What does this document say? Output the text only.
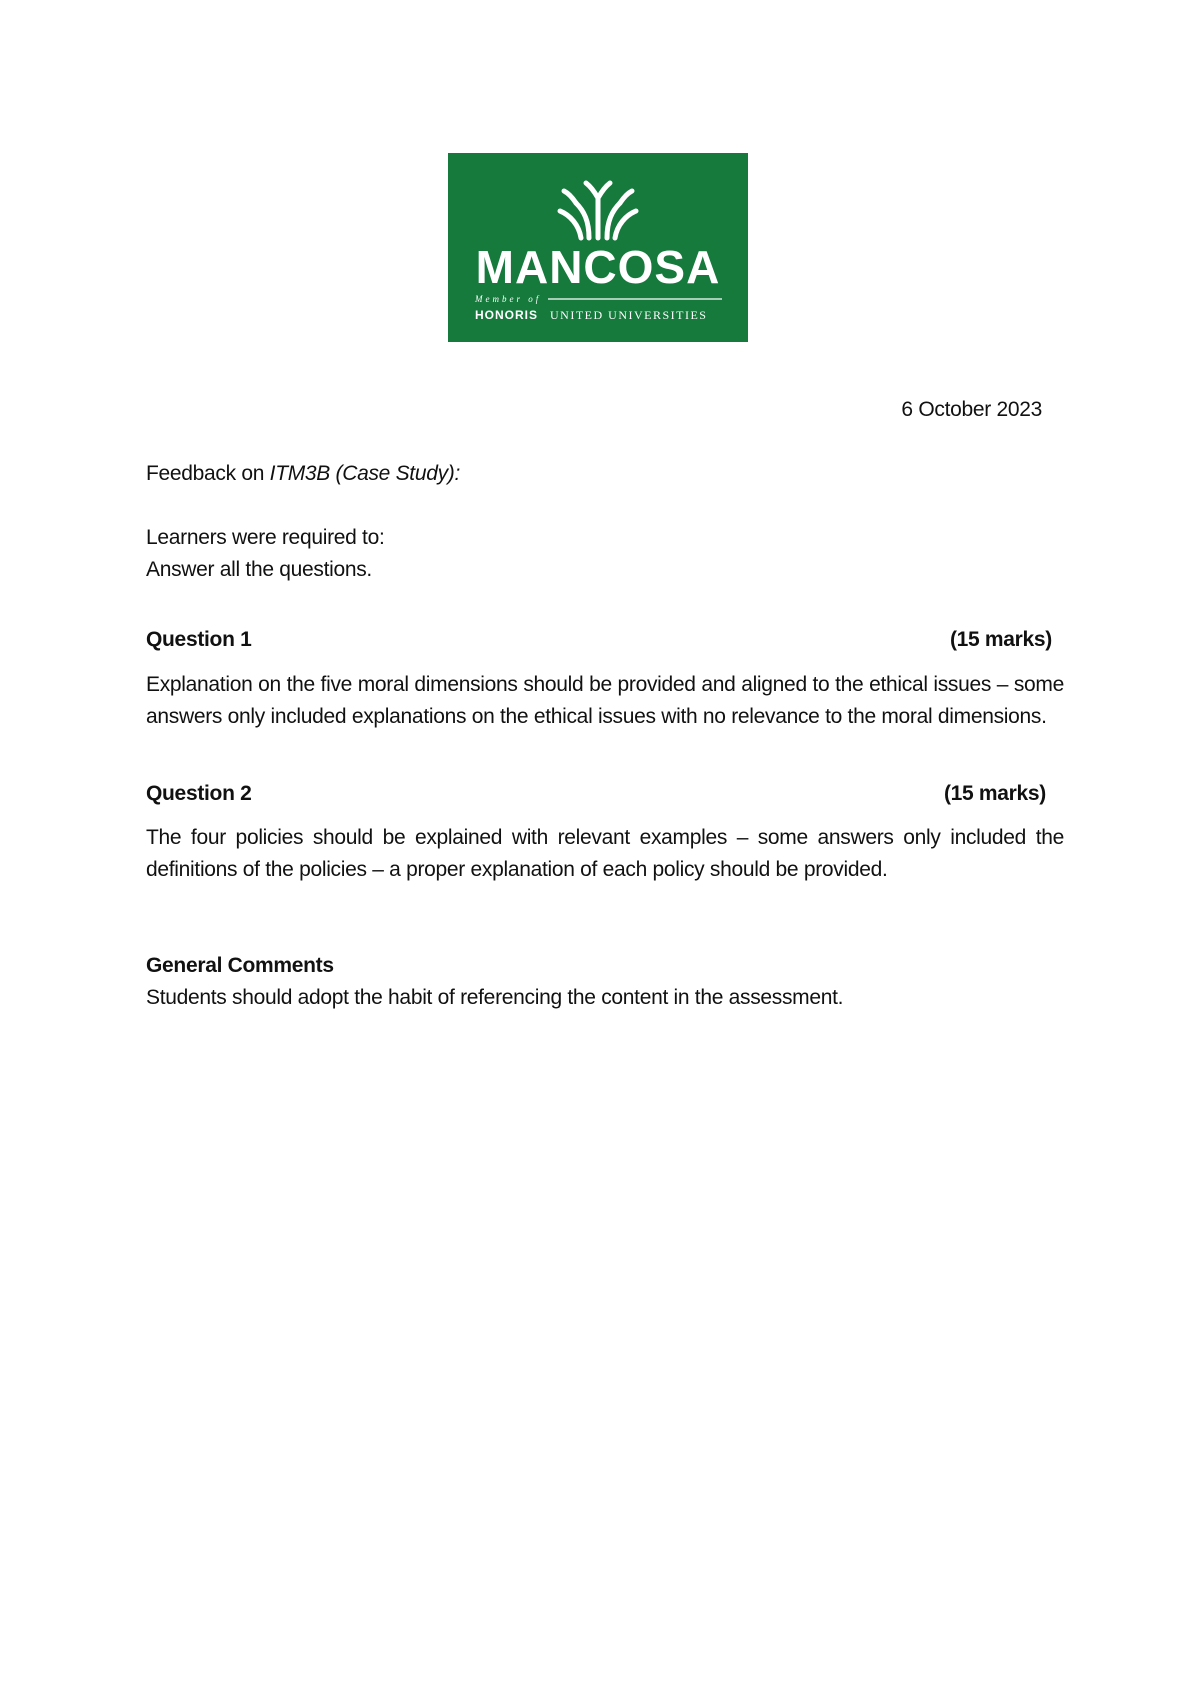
MANCOSA
Member of
HONORIS UNITED UNIVERSITIES
6 October 2023
Feedback on ITM3B (Case Study):
Learners were required to:
Answer all the questions.
Question 1	(15 marks)
Explanation on the five moral dimensions should be provided and aligned to the ethical issues – some answers only included explanations on the ethical issues with no relevance to the moral dimensions.
Question 2	(15 marks)
The four policies should be explained with relevant examples – some answers only included the definitions of the policies – a proper explanation of each policy should be provided.
General Comments
Students should adopt the habit of referencing the content in the assessment.
